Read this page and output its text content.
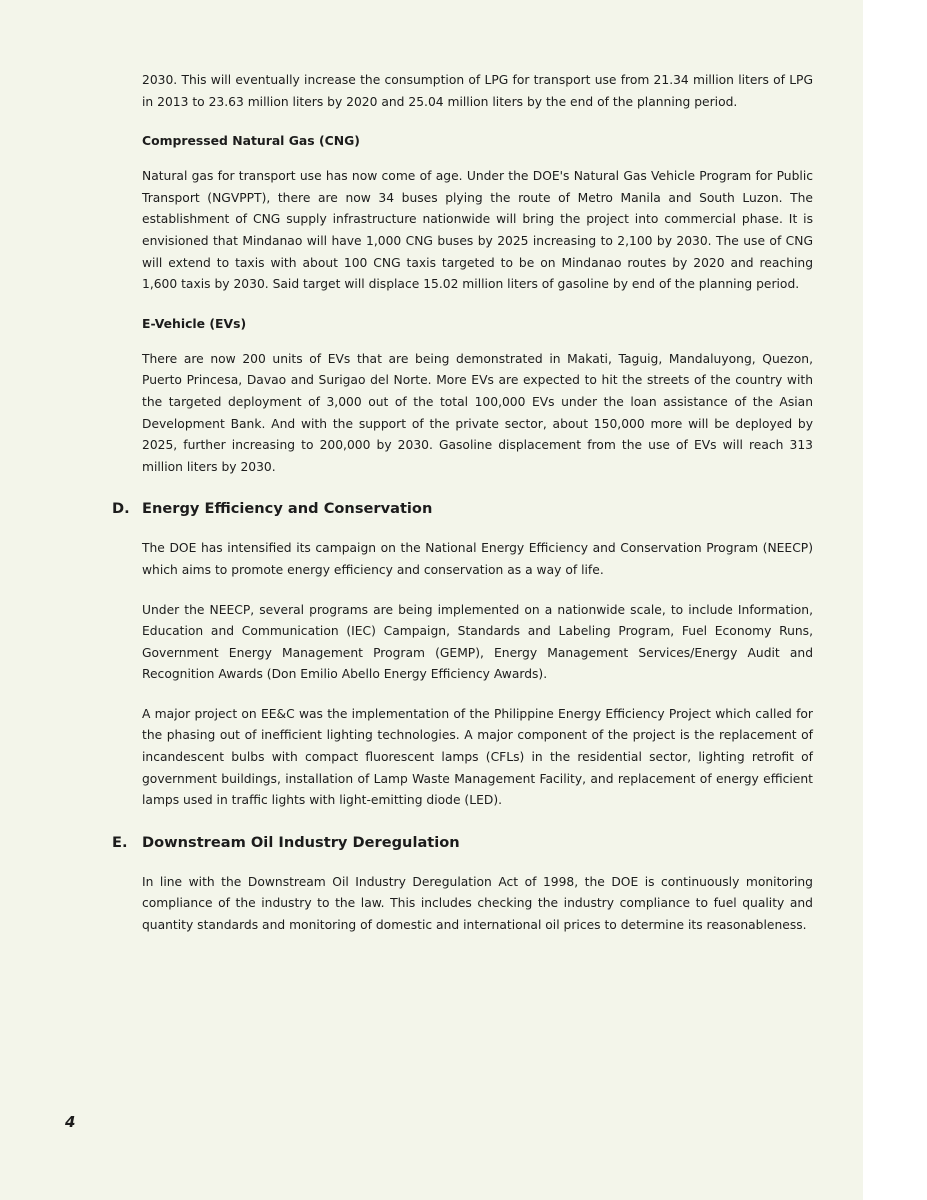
2030. This will eventually increase the consumption of LPG for transport use from 21.34 million liters of LPG in 2013 to 23.63 million liters by 2020 and 25.04 million liters by the end of the planning period.

Compressed Natural Gas (CNG)

Natural gas for transport use has now come of age. Under the DOE's Natural Gas Vehicle Program for Public Transport (NGVPPT), there are now 34 buses plying the route of Metro Manila and South Luzon. The establishment of CNG supply infrastructure nationwide will bring the project into commercial phase. It is envisioned that Mindanao will have 1,000 CNG buses by 2025 increasing to 2,100 by 2030. The use of CNG will extend to taxis with about 100 CNG taxis targeted to be on Mindanao routes by 2020 and reaching 1,600 taxis by 2030. Said target will displace 15.02 million liters of gasoline by end of the planning period.

E-Vehicle (EVs)

There are now 200 units of EVs that are being demonstrated in Makati, Taguig, Mandaluyong, Quezon, Puerto Princesa, Davao and Surigao del Norte. More EVs are expected to hit the streets of the country with the targeted deployment of 3,000 out of the total 100,000 EVs under the loan assistance of the Asian Development Bank. And with the support of the private sector, about 150,000 more will be deployed by 2025, further increasing to 200,000 by 2030. Gasoline displacement from the use of EVs will reach 313 million liters by 2030.

D. Energy Efficiency and Conservation

The DOE has intensified its campaign on the National Energy Efficiency and Conservation Program (NEECP) which aims to promote energy efficiency and conservation as a way of life.

Under the NEECP, several programs are being implemented on a nationwide scale, to include Information, Education and Communication (IEC) Campaign, Standards and Labeling Program, Fuel Economy Runs, Government Energy Management Program (GEMP), Energy Management Services/Energy Audit and Recognition Awards (Don Emilio Abello Energy Efficiency Awards).

A major project on EE&C was the implementation of the Philippine Energy Efficiency Project which called for the phasing out of inefficient lighting technologies. A major component of the project is the replacement of incandescent bulbs with compact fluorescent lamps (CFLs) in the residential sector, lighting retrofit of government buildings, installation of Lamp Waste Management Facility, and replacement of energy efficient lamps used in traffic lights with light-emitting diode (LED).

E. Downstream Oil Industry Deregulation

In line with the Downstream Oil Industry Deregulation Act of 1998, the DOE is continuously monitoring compliance of the industry to the law. This includes checking the industry compliance to fuel quality and quantity standards and monitoring of domestic and international oil prices to determine its reasonableness.

4
